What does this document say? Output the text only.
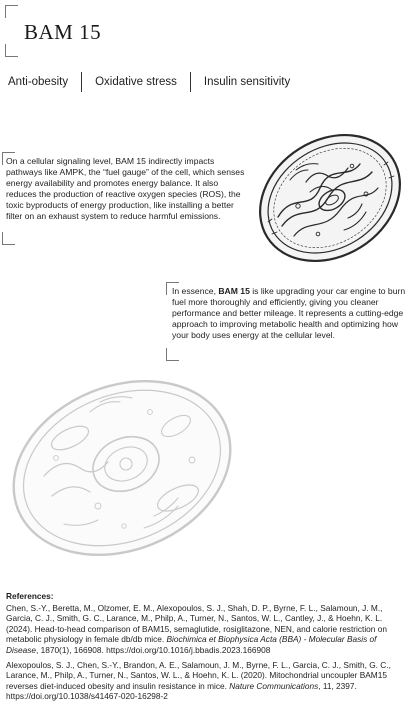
BAM 15
Anti-obesity	Oxidative stress	Insulin sensitivity
On a cellular signaling level, BAM 15 indirectly impacts pathways like AMPK, the “fuel gauge” of the cell, which senses energy availability and promotes energy balance. It also reduces the production of reactive oxygen species (ROS), the toxic byproducts of energy production, like installing a better filter on an exhaust system to reduce harmful emissions.
In essence, BAM 15 is like upgrading your car engine to burn fuel more thoroughly and efficiently, giving you cleaner performance and better mileage. It represents a cutting-edge approach to improving metabolic health and optimizing how your body uses energy at the cellular level.
References:
Chen, S.-Y., Beretta, M., Olzomer, E. M., Alexopoulos, S. J., Shah, D. P., Byrne, F. L., Salamoun, J. M., Garcia, C. J., Smith, G. C., Larance, M., Philp, A., Turner, N., Santos, W. L., Cantley, J., & Hoehn, K. L. (2024). Head-to-head comparison of BAM15, semaglutide, rosiglitazone, NEN, and calorie restriction on metabolic physiology in female db/db mice. Biochimica et Biophysica Acta (BBA) - Molecular Basis of Disease, 1870(1), 166908. https://doi.org/10.1016/j.bbadis.2023.166908
Alexopoulos, S. J., Chen, S.-Y., Brandon, A. E., Salamoun, J. M., Byrne, F. L., Garcia, C. J., Smith, G. C., Larance, M., Philp, A., Turner, N., Santos, W. L., & Hoehn, K. L. (2020). Mitochondrial uncoupler BAM15 reverses diet-induced obesity and insulin resistance in mice. Nature Communications, 11, 2397. https://doi.org/10.1038/s41467-020-16298-2
